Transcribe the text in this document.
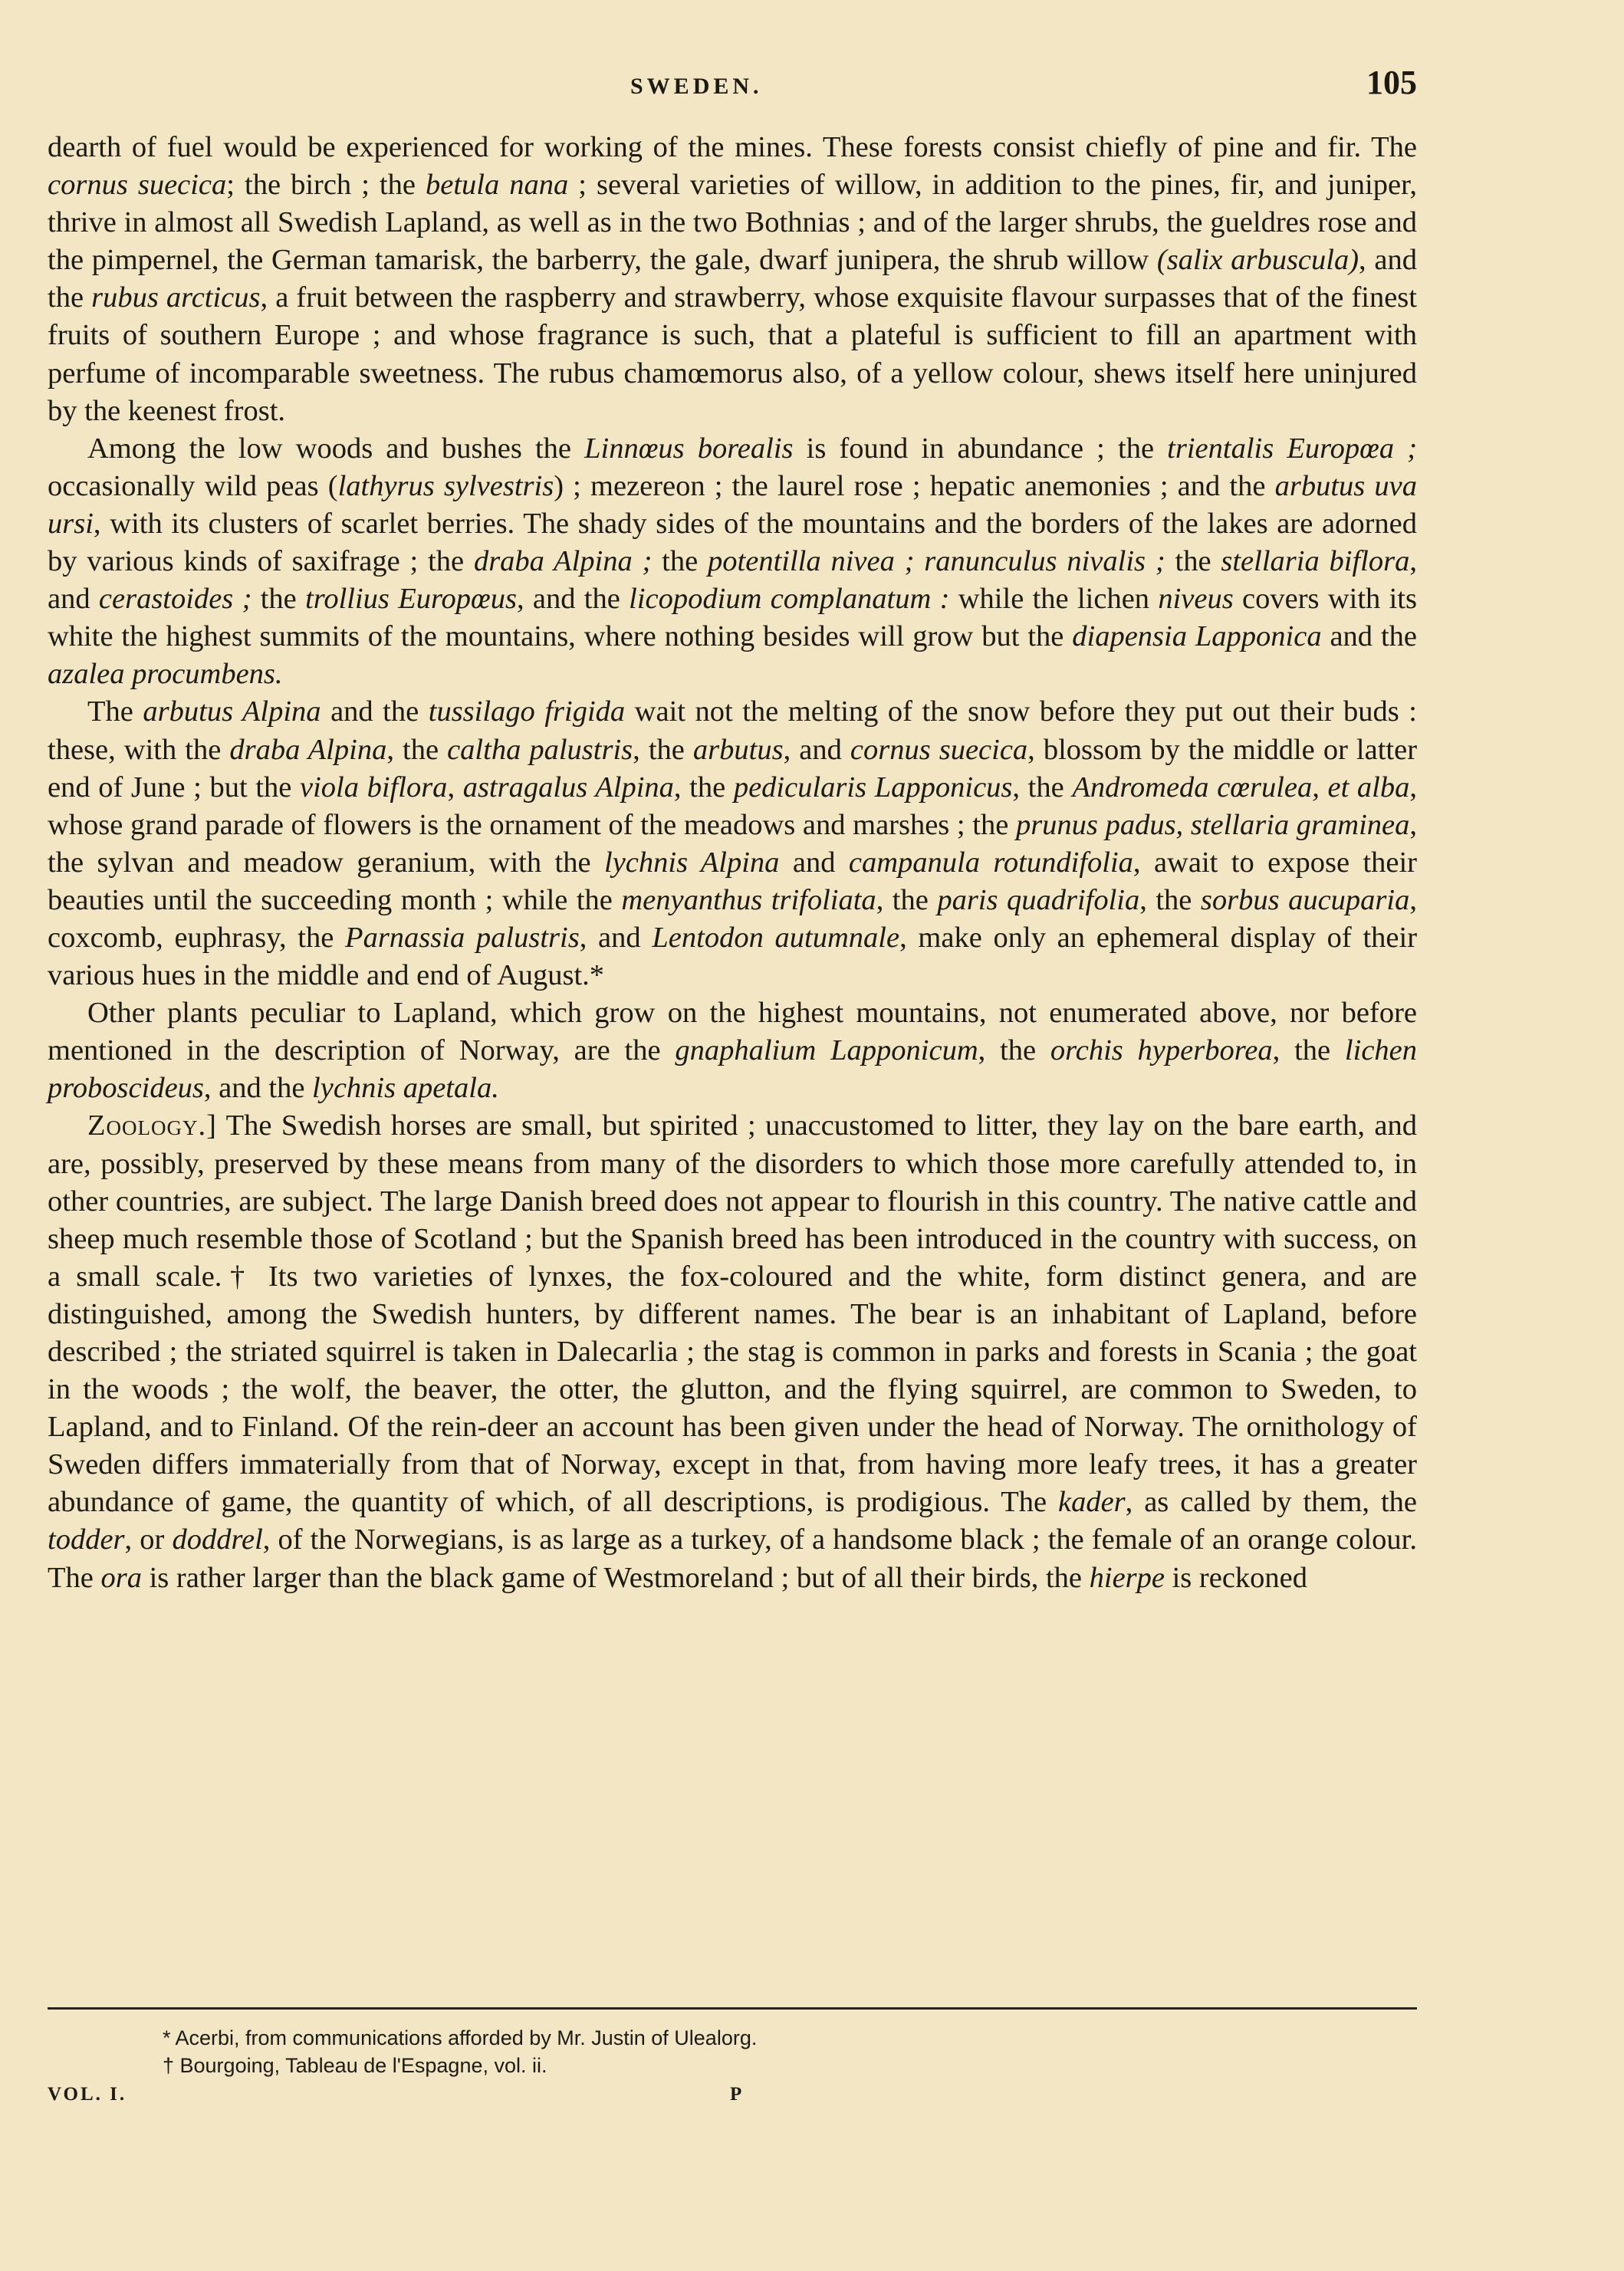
SWEDEN.	105

dearth of fuel would be experienced for working of the mines. These forests consist chiefly of pine and fir. The cornus suecica; the birch ; the betula nana ; several varieties of willow, in addition to the pines, fir, and juniper, thrive in almost all Swedish Lapland, as well as in the two Bothnias ; and of the larger shrubs, the gueldres rose and the pimpernel, the German tamarisk, the barberry, the gale, dwarf junipera, the shrub willow (salix arbuscula), and the rubus arcticus, a fruit between the raspberry and strawberry, whose exquisite flavour surpasses that of the finest fruits of southern Europe ; and whose fragrance is such, that a plateful is sufficient to fill an apartment with perfume of incomparable sweetness. The rubus chamœmorus also, of a yellow colour, shews itself here uninjured by the keenest frost.

Among the low woods and bushes the Linnœus borealis is found in abundance ; the trientalis Europœa ; occasionally wild peas (lathyrus sylvestris) ; mezereon ; the laurel rose ; hepatic anemonies ; and the arbutus uva ursi, with its clusters of scarlet berries. The shady sides of the mountains and the borders of the lakes are adorned by various kinds of saxifrage ; the draba Alpina ; the potentilla nivea ; ranunculus nivalis ; the stellaria biflora, and cerastoides ; the trollius Europœus, and the licopodium complanatum : while the lichen niveus covers with its white the highest summits of the mountains, where nothing besides will grow but the diapensia Lapponica and the azalea procumbens.

The arbutus Alpina and the tussilago frigida wait not the melting of the snow before they put out their buds : these, with the draba Alpina, the caltha palustris, the arbutus, and cornus suecica, blossom by the middle or latter end of June ; but the viola biflora, astragalus Alpina, the pedicularis Lapponicus, the Andromeda cœrulea, et alba, whose grand parade of flowers is the ornament of the meadows and marshes ; the prunus padus, stellaria graminea, the sylvan and meadow geranium, with the lychnis Alpina and campanula rotundifolia, await to expose their beauties until the succeeding month ; while the menyanthus trifoliata, the paris quadrifolia, the sorbus aucuparia, coxcomb, euphrasy, the Parnassia palustris, and Lentodon autumnale, make only an ephemeral display of their various hues in the middle and end of August.*

Other plants peculiar to Lapland, which grow on the highest mountains, not enumerated above, nor before mentioned in the description of Norway, are the gnaphalium Lapponicum, the orchis hyperborea, the lichen proboscideus, and the lychnis apetala.

Zoology.] The Swedish horses are small, but spirited ; unaccustomed to litter, they lay on the bare earth, and are, possibly, preserved by these means from many of the disorders to which those more carefully attended to, in other countries, are subject. The large Danish breed does not appear to flourish in this country. The native cattle and sheep much resemble those of Scotland ; but the Spanish breed has been introduced in the country with success, on a small scale.† Its two varieties of lynxes, the fox-coloured and the white, form distinct genera, and are distinguished, among the Swedish hunters, by different names. The bear is an inhabitant of Lapland, before described ; the striated squirrel is taken in Dalecarlia ; the stag is common in parks and forests in Scania ; the goat in the woods ; the wolf, the beaver, the otter, the glutton, and the flying squirrel, are common to Sweden, to Lapland, and to Finland. Of the rein-deer an account has been given under the head of Norway. The ornithology of Sweden differs immaterially from that of Norway, except in that, from having more leafy trees, it has a greater abundance of game, the quantity of which, of all descriptions, is prodigious. The kader, as called by them, the todder, or doddrel, of the Norwegians, is as large as a turkey, of a handsome black ; the female of an orange colour. The ora is rather larger than the black game of Westmoreland ; but of all their birds, the hierpe is reckoned

* Acerbi, from communications afforded by Mr. Justin of Ulealorg.
† Bourgoing, Tableau de l'Espagne, vol. ii.
VOL. I.	P
